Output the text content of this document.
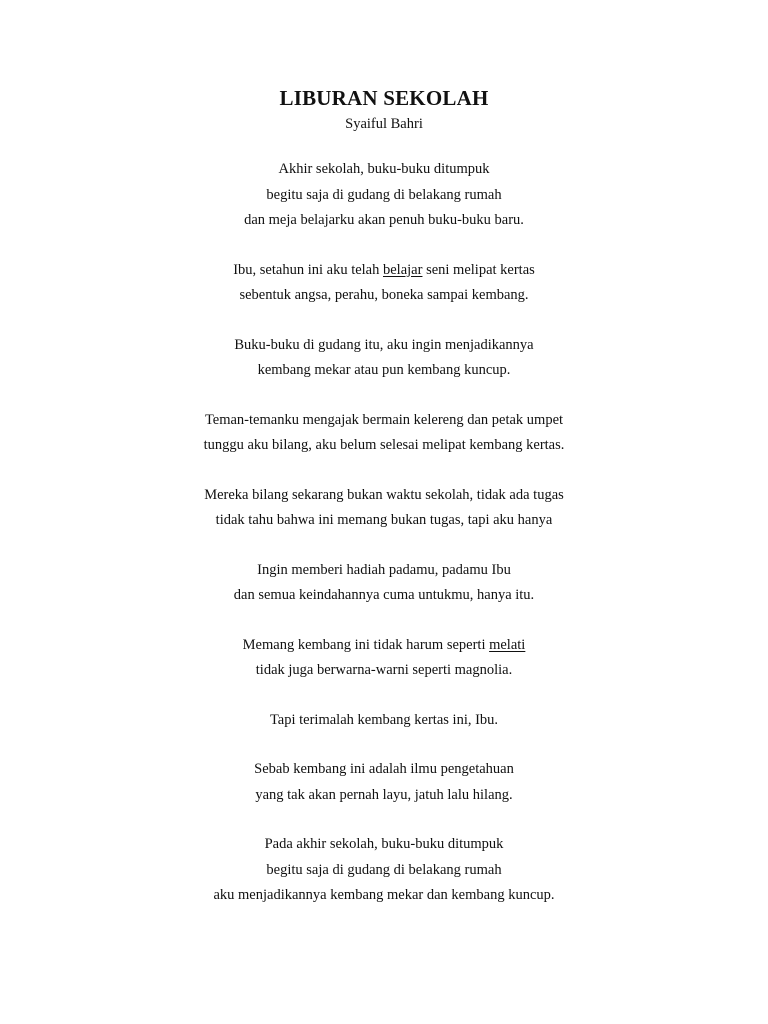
LIBURAN SEKOLAH
Syaiful Bahri
Akhir sekolah, buku-buku ditumpuk
begitu saja di gudang di belakang rumah
dan meja belajarku akan penuh buku-buku baru.
Ibu, setahun ini aku telah belajar seni melipat kertas
sebentuk angsa, perahu, boneka sampai kembang.
Buku-buku di gudang itu, aku ingin menjadikannya
kembang mekar atau pun kembang kuncup.
Teman-temanku mengajak bermain kelereng dan petak umpet
tunggu aku bilang, aku belum selesai melipat kembang kertas.
Mereka bilang sekarang bukan waktu sekolah, tidak ada tugas
tidak tahu bahwa ini memang bukan tugas, tapi aku hanya
Ingin memberi hadiah padamu, padamu Ibu
dan semua keindahannya cuma untukmu, hanya itu.
Memang kembang ini tidak harum seperti melati
tidak juga berwarna-warni seperti magnolia.
Tapi terimalah kembang kertas ini, Ibu.
Sebab kembang ini adalah ilmu pengetahuan
yang tak akan pernah layu, jatuh lalu hilang.
Pada akhir sekolah, buku-buku ditumpuk
begitu saja di gudang di belakang rumah
aku menjadikannya kembang mekar dan kembang kuncup.
